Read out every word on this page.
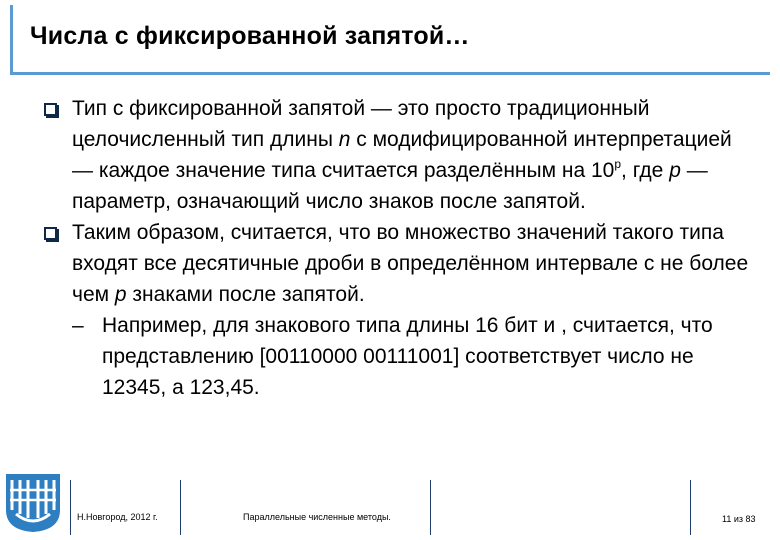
Числа с фиксированной запятой…

Тип с фиксированной запятой — это просто традиционный целочисленный тип длины n с модифицированной интерпретацией — каждое значение типа считается разделённым на 10$^p$, где p — параметр, означающий число знаков после запятой.

Таким образом, считается, что во множество значений такого типа входят все десятичные дроби в определённом интервале с не более чем p знаками после запятой.

– Например, для знакового типа длины 16 бит и , считается, что представлению [00110000 00111001] соответствует число не 12345, а 123,45.

Н.Новгород, 2012 г.	Параллельные численные методы.	11 из 83
